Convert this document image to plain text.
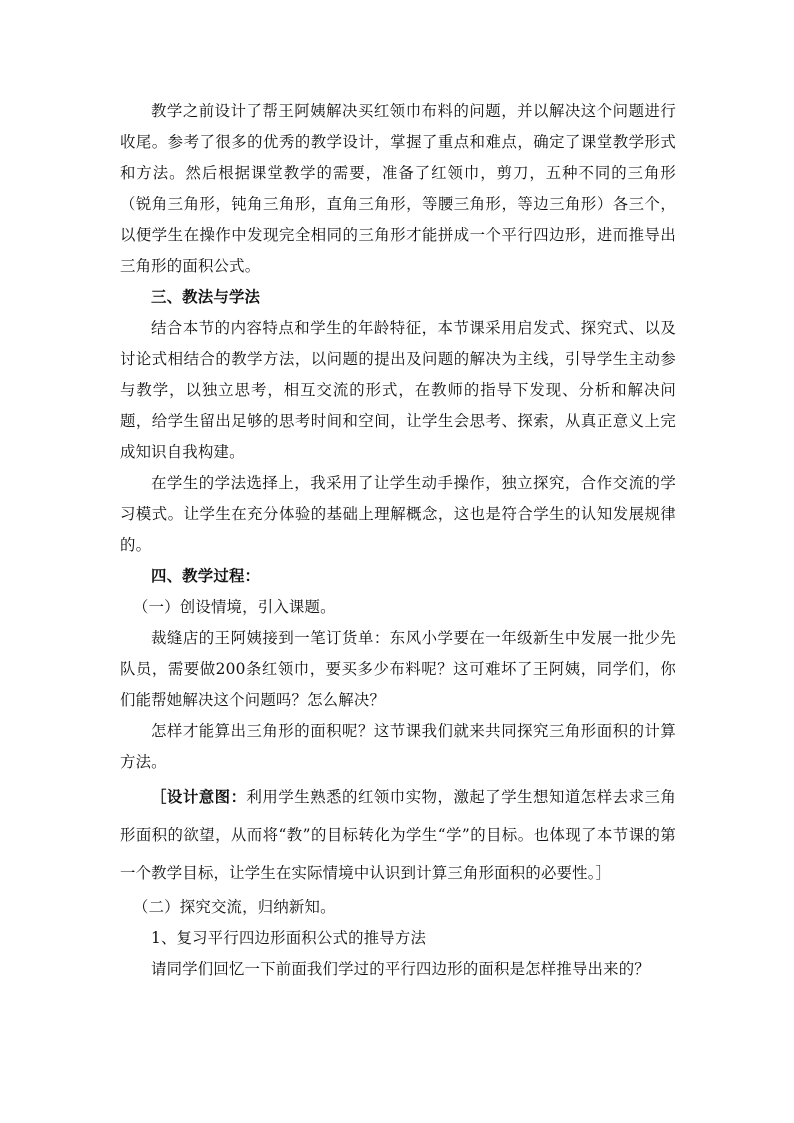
教学之前设计了帮王阿姨解决买红领巾布料的问题，并以解决这个问题进行收尾。参考了很多的优秀的教学设计，掌握了重点和难点，确定了课堂教学形式和方法。然后根据课堂教学的需要，准备了红领巾，剪刀，五种不同的三角形（锐角三角形，钝角三角形，直角三角形，等腰三角形，等边三角形）各三个，以便学生在操作中发现完全相同的三角形才能拼成一个平行四边形，进而推导出三角形的面积公式。

三、教法与学法

结合本节的内容特点和学生的年龄特征，本节课采用启发式、探究式、以及讨论式相结合的教学方法，以问题的提出及问题的解决为主线，引导学生主动参与教学，以独立思考，相互交流的形式，在教师的指导下发现、分析和解决问题，给学生留出足够的思考时间和空间，让学生会思考、探索，从真正意义上完成知识自我构建。

在学生的学法选择上，我采用了让学生动手操作，独立探究，合作交流的学习模式。让学生在充分体验的基础上理解概念，这也是符合学生的认知发展规律的。

四、教学过程：

（一）创设情境，引入课题。

裁缝店的王阿姨接到一笔订货单：东风小学要在一年级新生中发展一批少先队员，需要做200条红领巾，要买多少布料呢？这可难坏了王阿姨，同学们，你们能帮她解决这个问题吗？怎么解决？

怎样才能算出三角形的面积呢？这节课我们就来共同探究三角形面积的计算方法。

［设计意图：利用学生熟悉的红领巾实物，激起了学生想知道怎样去求三角形面积的欲望，从而将“教”的目标转化为学生“学”的目标。也体现了本节课的第一个教学目标，让学生在实际情境中认识到计算三角形面积的必要性。］

（二）探究交流，归纳新知。

1、复习平行四边形面积公式的推导方法

请同学们回忆一下前面我们学过的平行四边形的面积是怎样推导出来的？
